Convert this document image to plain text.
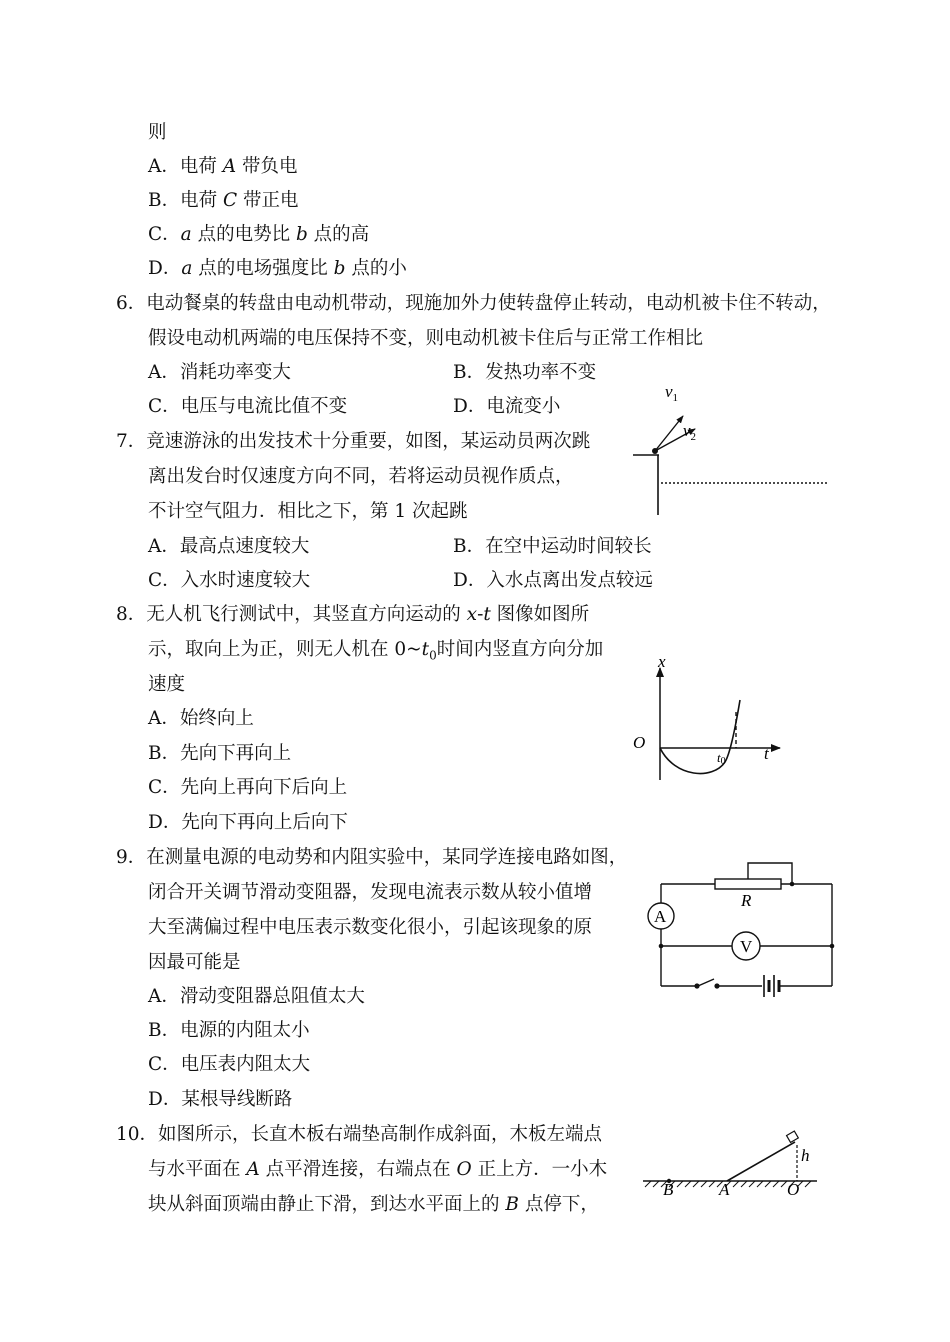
则
A．电荷 A 带负电
B．电荷 C 带正电
C．a 点的电势比 b 点的高
D．a 点的电场强度比 b 点的小
6．电动餐桌的转盘由电动机带动，现施加外力使转盘停止转动，电动机被卡住不转动，
假设电动机两端的电压保持不变，则电动机被卡住后与正常工作相比
A．消耗功率变大	B．发热功率不变
C．电压与电流比值不变	D．电流变小
7．竞速游泳的出发技术十分重要，如图，某运动员两次跳
离出发台时仅速度方向不同，若将运动员视作质点，
不计空气阻力．相比之下，第 1 次起跳
A．最高点速度较大	B．在空中运动时间较长
C．入水时速度较大	D．入水点离出发点较远
$v_1$
$v_2$
8．无人机飞行测试中，其竖直方向运动的 x-t 图像如图所
示，取向上为正，则无人机在 $0\sim t_0$时间内竖直方向分加
速度
A．始终向上
B．先向下再向上
C．先向上再向下后向上
D．先向下再向上后向下
x
t
O
t0
9．在测量电源的电动势和内阻实验中，某同学连接电路如图，
闭合开关调节滑动变阻器，发现电流表示数从较小值增
大至满偏过程中电压表示数变化很小，引起该现象的原
因最可能是
A．滑动变阻器总阻值太大
B．电源的内阻太小
C．电压表内阻太大
D．某根导线断路
A
V
R
10．如图所示，长直木板右端垫高制作成斜面，木板左端点
与水平面在 A 点平滑连接，右端点在 O 正上方．一小木
块从斜面顶端由静止下滑，到达水平面上的 B 点停下，
B	A	O
h
